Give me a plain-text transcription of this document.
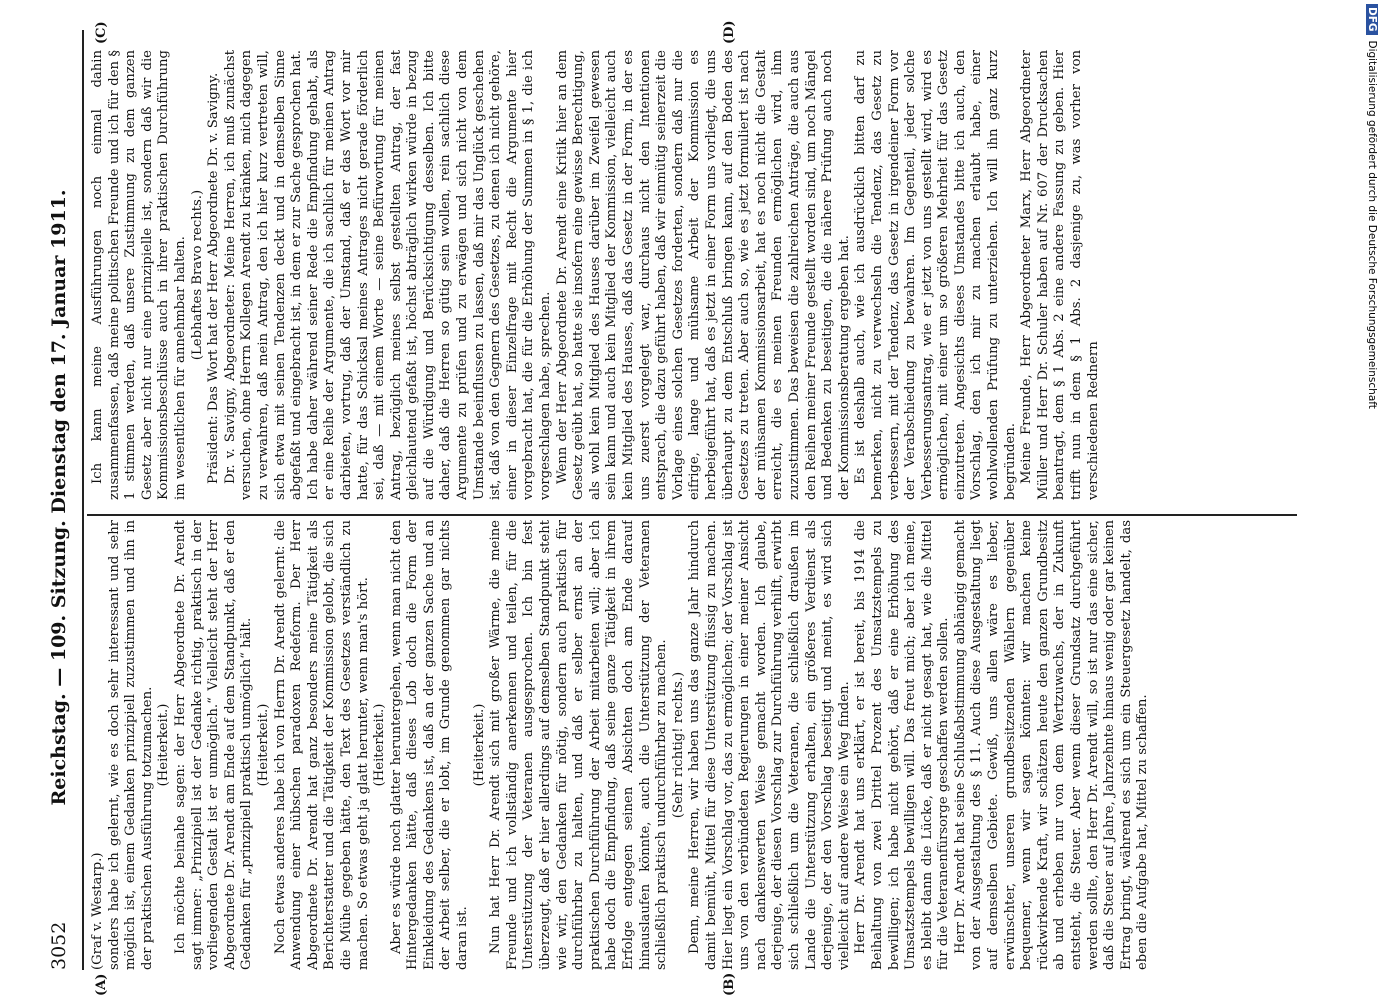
3052
Reichstag. — 109. Sitzung. Dienstag den 17. Januar 1911.

(Graf v. Westarp.) sonders habe ich gelernt, wie es doch sehr interessant und sehr möglich ist, einem Gedanken prinzipiell zuzustimmen und ihn in der praktischen Ausführung totzumachen. (Heiterkeit.) Ich möchte beinahe sagen: der Herr Abgeordnete Dr. Arendt sagt immer: „Prinzipiell ist der Gedanke richtig, praktisch in der vorliegenden Gestalt ist er unmöglich.“ Vielleicht steht der Herr Abgeordnete Dr. Arendt am Ende auf dem Standpunkt, daß er den Gedanken für „prinzipiell praktisch unmöglich“ hält. (Heiterkeit.) Noch etwas anderes habe ich von Herrn Dr. Arendt gelernt: die Anwendung einer hübschen paradoxen Redeform. Der Herr Abgeordnete Dr. Arendt hat ganz besonders meine Tätigkeit als Berichterstatter und die Tätigkeit der Kommission gelobt, die sich die Mühe gegeben hätte, den Text des Gesetzes verständlich zu machen. So etwas geht ja glatt herunter, wenn man's hört. (Heiterkeit.) Aber es würde noch glatter heruntergehen, wenn man nicht den Hintergedanken hätte, daß dieses Lob doch die Form der Einkleidung des Gedankens ist, daß an der ganzen Sache und an der Arbeit selber, die er lobt, im Grunde genommen gar nichts daran ist.

(Heiterkeit.) Nun hat Herr Dr. Arendt sich mit großer Wärme, die meine Freunde und ich vollständig anerkennen und teilen, für die Unterstützung der Veteranen ausgesprochen. Ich bin fest überzeugt, daß er hier allerdings auf demselben Standpunkt steht wie wir, den Gedanken für nötig, sondern auch praktisch für durchführbar zu halten, und daß er selber ernst an der praktischen Durchführung der Arbeit mitarbeiten will; aber ich habe doch die Empfindung, daß seine ganze Tätigkeit in ihrem Erfolge entgegen seinen Absichten doch am Ende darauf hinauslaufen könnte, auch die Unterstützung der Veteranen schließlich praktisch undurchführbar zu machen. (Sehr richtig! rechts.) Denn, meine Herren, wir haben uns das ganze Jahr hindurch damit bemüht, Mittel für diese Unterstützung flüssig zu machen. Hier liegt ein Vorschlag vor, das zu ermöglichen; der Vorschlag ist uns von den verbündeten Regierungen in einer meiner Ansicht nach dankenswerten Weise gemacht worden. Ich glaube, derjenige, der diesen Vorschlag zur Durchführung verhilft, erwirbt sich schließlich um die Veteranen, die schließlich draußen im Lande die Unterstützung erhalten, ein größeres Verdienst als derjenige, der den Vorschlag beseitigt und meint, es wird sich vielleicht auf andere Weise ein Weg finden. Herr Dr. Arendt hat uns erklärt, er ist bereit, bis 1914 die Beihaltung von zwei Drittel Prozent des Umsatzstempels zu bewilligen; ich habe nicht gehört, daß er eine Erhöhung des Umsatzstempels bewilligen will. Das freut mich; aber ich meine, es bleibt dann die Lücke, daß er nicht gesagt hat, wie die Mittel für die Veteranenfürsorge geschaffen werden sollen. Herr Dr. Arendt hat seine Schlußabstimmung abhängig gemacht von der Ausgestaltung des § 11. Auch diese Ausgestaltung liegt auf demselben Gebiete. Gewiß, uns allen wäre es lieber, erwünschter, unseren grundbesitzenden Wählern gegenüber bequemer, wenn wir sagen könnten: wir machen keine rückwirkende Kraft, wir schätzen heute den ganzen Grundbesitz ab und erheben nur von dem Wertzuwachs, der in Zukunft entsteht, die Steuer. Aber wenn dieser Grundsatz durchgeführt werden sollte, den Herr Dr. Arendt will, so ist nur das eine sicher, daß die Steuer auf Jahre, Jahrzehnte hinaus wenig oder gar keinen Ertrag bringt, während es sich um ein Steuergesetz handelt, das eben die Aufgabe hat, Mittel zu schaffen.

Ich kann meine Ausführungen noch einmal dahin zusammenfassen, daß meine politischen Freunde und ich für den § 1 stimmen werden, daß unsere Zustimmung zu dem ganzen Gesetz aber nicht nur eine prinzipielle ist, sondern daß wir die Kommissionsbeschlüsse auch in ihrer praktischen Durchführung im wesentlichen für annehmbar halten. (Lebhaftes Bravo rechts.) Präsident: Das Wort hat der Herr Abgeordnete Dr. v. Savigny. Dr. v. Savigny, Abgeordneter: Meine Herren, ich muß zunächst versuchen, ohne Herrn Kollegen Arendt zu kränken, mich dagegen zu verwahren, daß mein Antrag, den ich hier kurz vertreten will, sich etwa mit seinen Tendenzen deckt und in demselben Sinne abgefaßt und eingebracht ist, in dem er zur Sache gesprochen hat. Ich habe daher während seiner Rede die Empfindung gehabt, als er eine Reihe der Argumente, die ich sachlich für meinen Antrag darbieten, vortrug, daß der Umstand, daß er das Wort vor mir hatte, für das Schicksal meines Antrages nicht gerade förderlich sei, daß — mit einem Worte — seine Befürwortung für meinen Antrag, bezüglich meines selbst gestellten Antrag, der fast gleichlautend gefaßt ist, höchst abträglich wirken würde in bezug auf die Würdigung und Berücksichtigung desselben. Ich bitte daher, daß die Herren so gütig sein wollen, rein sachlich diese Argumente zu prüfen und zu erwägen und sich nicht von dem Umstande beeinflussen zu lassen, daß mir das Unglück geschehen ist, daß von den Gegnern des Gesetzes, zu denen ich nicht gehöre, einer in dieser Einzelfrage mit Recht die Argumente hier vorgebracht hat, die für die Erhöhung der Summen in § 1, die ich vorgeschlagen habe, sprechen. Wenn der Herr Abgeordnete Dr. Arendt eine Kritik hier an dem Gesetz geübt hat, so hatte sie insofern eine gewisse Berechtigung, als wohl kein Mitglied des Hauses darüber im Zweifel gewesen sein kann und auch kein Mitglied der Kommission, vielleicht auch kein Mitglied des Hauses, daß das Gesetz in der Form, in der es uns zuerst vorgelegt war, durchaus nicht den Intentionen entsprach, die dazu geführt haben, daß wir einmütig seinerzeit die Vorlage eines solchen Gesetzes forderten, sondern daß nur die eifrige, lange und mühsame Arbeit der Kommission es herbeigeführt hat, daß es jetzt in einer Form uns vorliegt, die uns überhaupt zu dem Entschluß bringen kann, auf den Boden des Gesetzes zu treten. Aber auch so, wie es jetzt formuliert ist nach der mühsamen Kommissionsarbeit, hat es noch nicht die Gestalt erreicht, die es meinen Freunden ermöglichen wird, ihm zuzustimmen. Das beweisen die zahlreichen Anträge, die auch aus den Reihen meiner Freunde gestellt worden sind, um noch Mängel und Bedenken zu beseitigen, die die nähere Prüfung auch noch der Kommissionsberatung ergeben hat. Es ist deshalb auch, wie ich ausdrücklich bitten darf zu bemerken, nicht zu verwechseln die Tendenz, das Gesetz zu verbessern, mit der Tendenz, das Gesetz in irgendeiner Form vor der Verabschiedung zu bewahren. Im Gegenteil, jeder solche Verbesserungsantrag, wie er jetzt von uns gestellt wird, wird es ermöglichen, mit einer um so größeren Mehrheit für das Gesetz einzutreten. Angesichts dieses Umstandes bitte ich auch, den Vorschlag, den ich mir zu machen erlaubt habe, einer wohlwollenden Prüfung zu unterziehen. Ich will ihn ganz kurz begründen. Meine Freunde, Herr Abgeordneter Marx, Herr Abgeordneter Müller und Herr Dr. Schuler haben auf Nr. 607 der Drucksachen beantragt, dem § 1 Abs. 2 eine andere Fassung zu geben. Hier trifft nun in dem § 1 Abs. 2 dasjenige zu, was vorher von verschiedenen Rednern

(A)	(B)
(C)	(D)
DFGDigitalisierung gefördert durch die Deutsche Forschungsgemeinschaft
